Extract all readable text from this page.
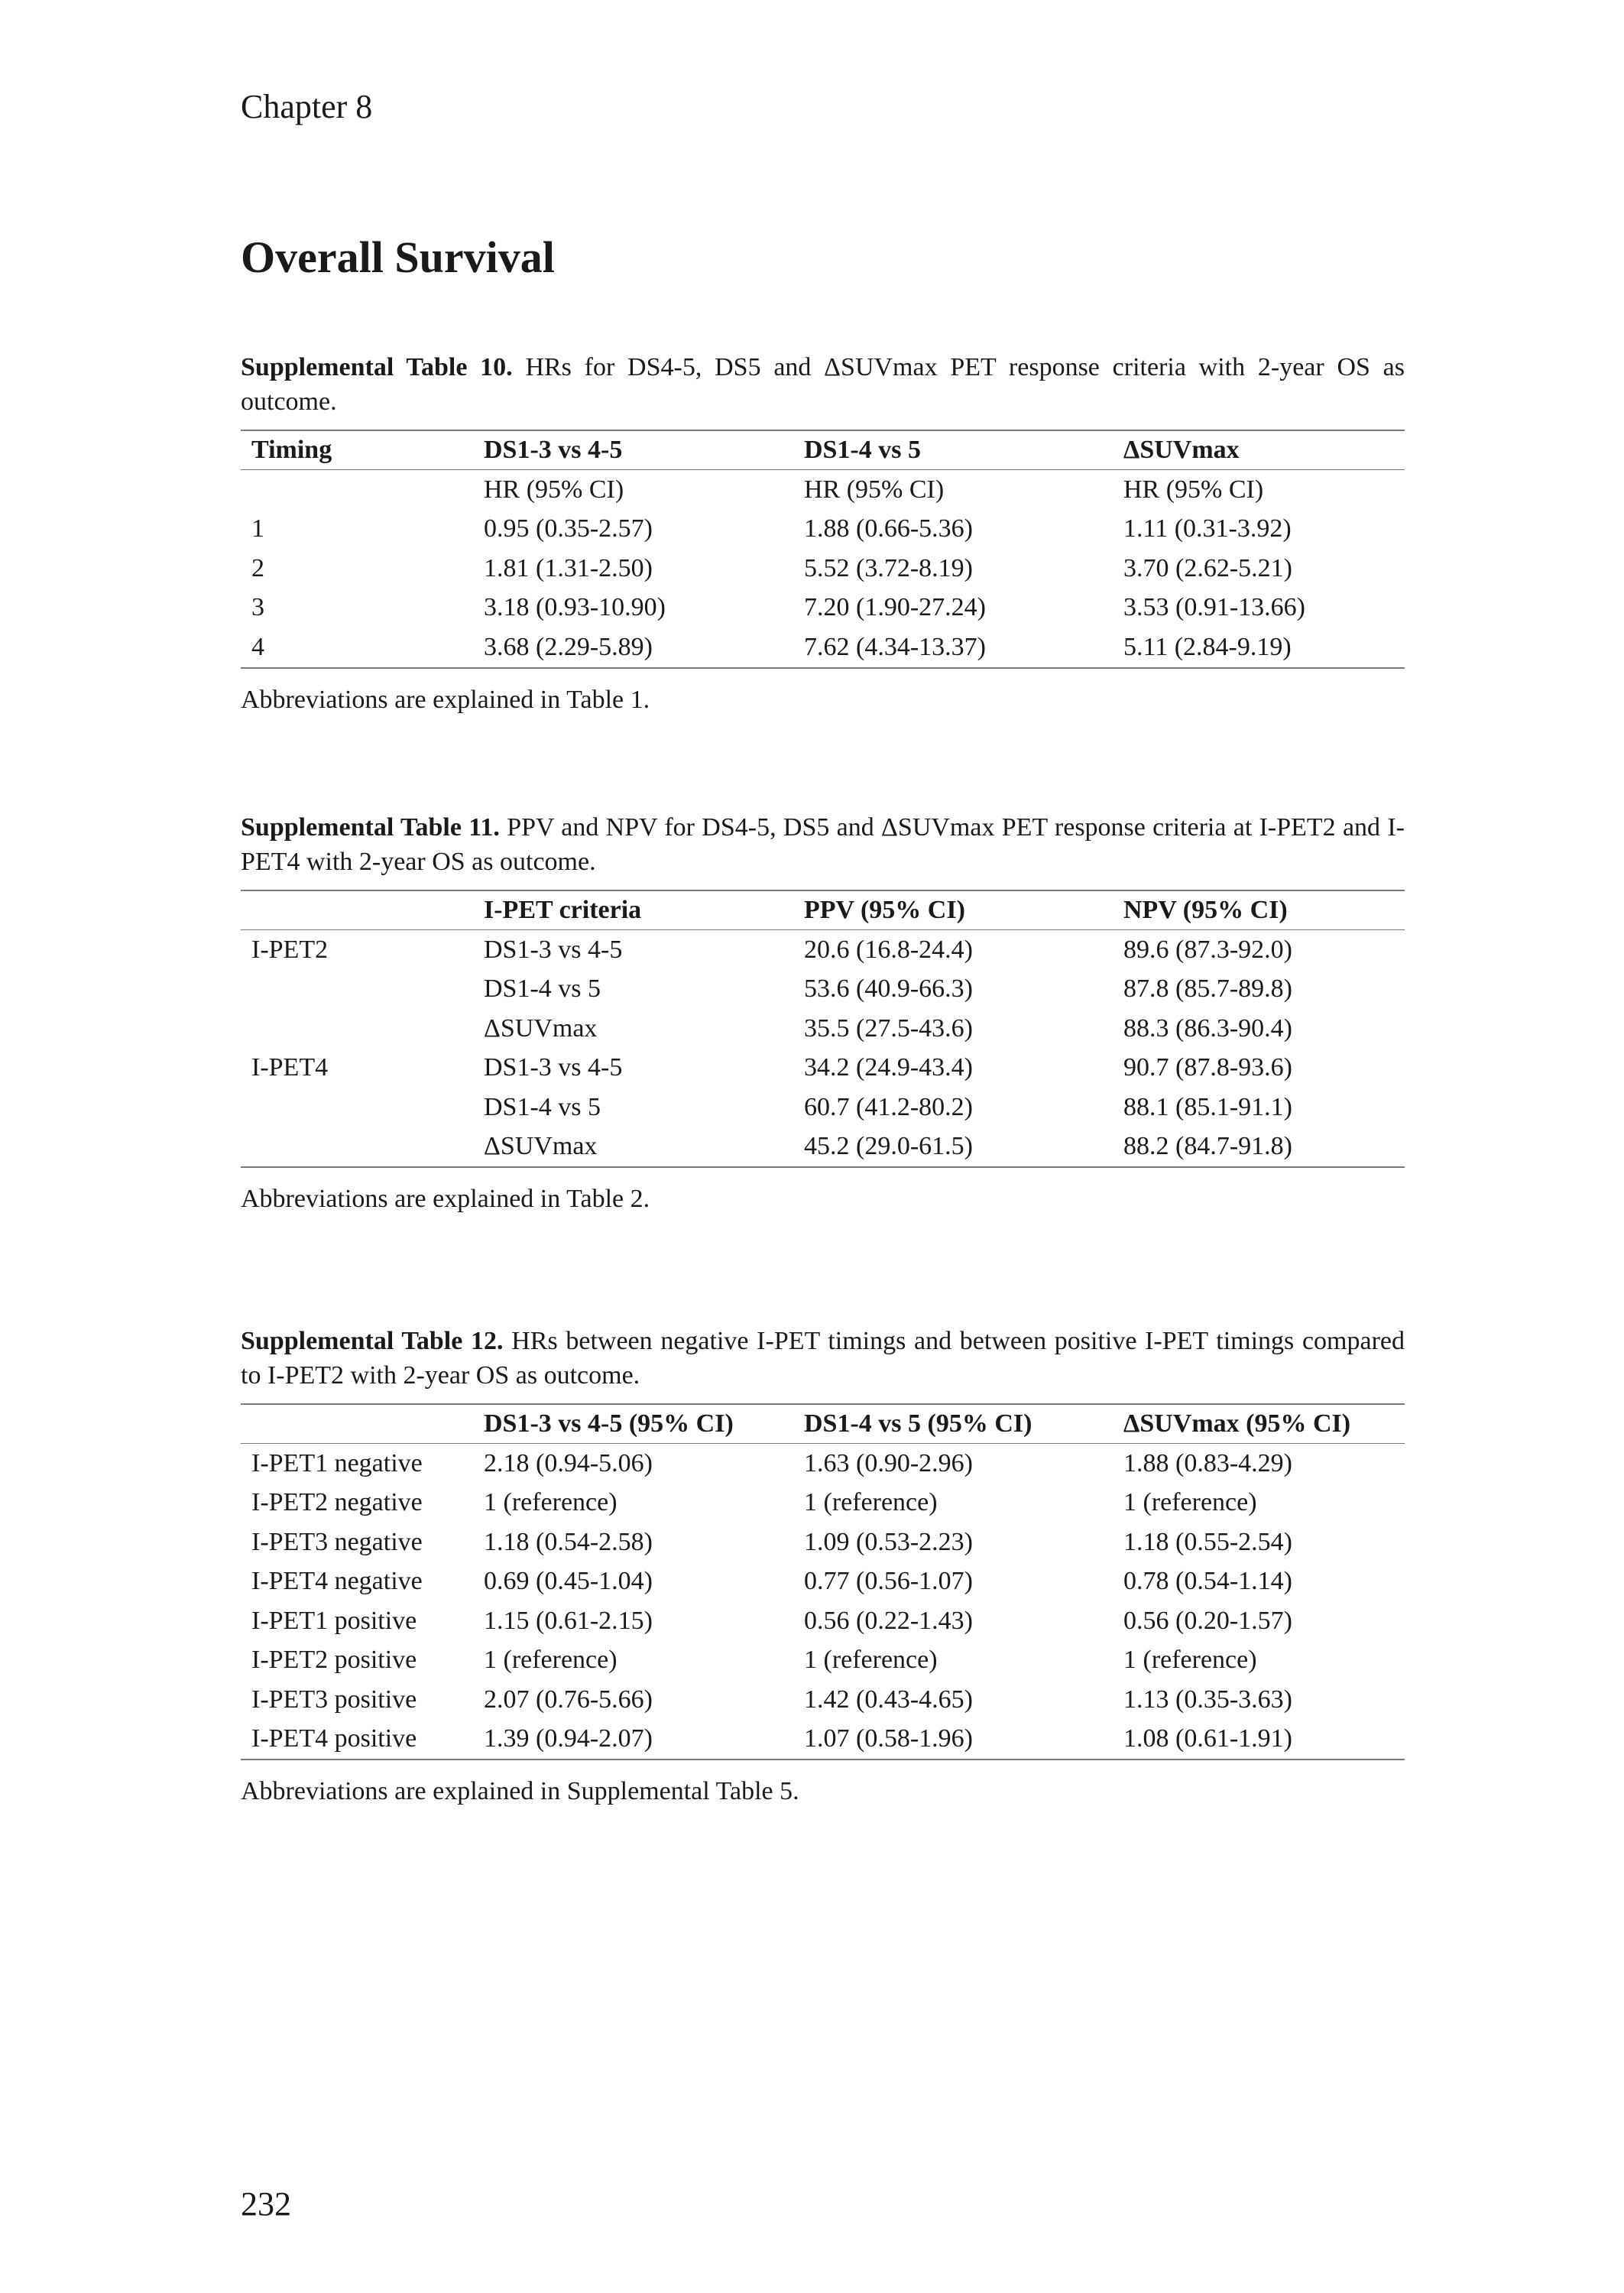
Chapter 8
Overall Survival

Supplemental Table 10. HRs for DS4-5, DS5 and ΔSUVmax PET response criteria with 2-year OS as outcome.

Timing	DS1-3 vs 4-5	DS1-4 vs 5	ΔSUVmax
	HR (95% CI)	HR (95% CI)	HR (95% CI)
1	0.95 (0.35-2.57)	1.88 (0.66-5.36)	1.11 (0.31-3.92)
2	1.81 (1.31-2.50)	5.52 (3.72-8.19)	3.70 (2.62-5.21)
3	3.18 (0.93-10.90)	7.20 (1.90-27.24)	3.53 (0.91-13.66)
4	3.68 (2.29-5.89)	7.62 (4.34-13.37)	5.11 (2.84-9.19)

Abbreviations are explained in Table 1.

Supplemental Table 11. PPV and NPV for DS4-5, DS5 and ΔSUVmax PET response criteria at I-PET2 and I-PET4 with 2-year OS as outcome.

	I-PET criteria	PPV (95% CI)	NPV (95% CI)
I-PET2	DS1-3 vs 4-5	20.6 (16.8-24.4)	89.6 (87.3-92.0)
	DS1-4 vs 5	53.6 (40.9-66.3)	87.8 (85.7-89.8)
	ΔSUVmax	35.5 (27.5-43.6)	88.3 (86.3-90.4)
I-PET4	DS1-3 vs 4-5	34.2 (24.9-43.4)	90.7 (87.8-93.6)
	DS1-4 vs 5	60.7 (41.2-80.2)	88.1 (85.1-91.1)
	ΔSUVmax	45.2 (29.0-61.5)	88.2 (84.7-91.8)

Abbreviations are explained in Table 2.

Supplemental Table 12. HRs between negative I-PET timings and between positive I-PET timings compared to I-PET2 with 2-year OS as outcome.

	DS1-3 vs 4-5 (95% CI)	DS1-4 vs 5 (95% CI)	ΔSUVmax (95% CI)
I-PET1 negative	2.18 (0.94-5.06)	1.63 (0.90-2.96)	1.88 (0.83-4.29)
I-PET2 negative	1 (reference)	1 (reference)	1 (reference)
I-PET3 negative	1.18 (0.54-2.58)	1.09 (0.53-2.23)	1.18 (0.55-2.54)
I-PET4 negative	0.69 (0.45-1.04)	0.77 (0.56-1.07)	0.78 (0.54-1.14)
I-PET1 positive	1.15 (0.61-2.15)	0.56 (0.22-1.43)	0.56 (0.20-1.57)
I-PET2 positive	1 (reference)	1 (reference)	1 (reference)
I-PET3 positive	2.07 (0.76-5.66)	1.42 (0.43-4.65)	1.13 (0.35-3.63)
I-PET4 positive	1.39 (0.94-2.07)	1.07 (0.58-1.96)	1.08 (0.61-1.91)

Abbreviations are explained in Supplemental Table 5.

232
